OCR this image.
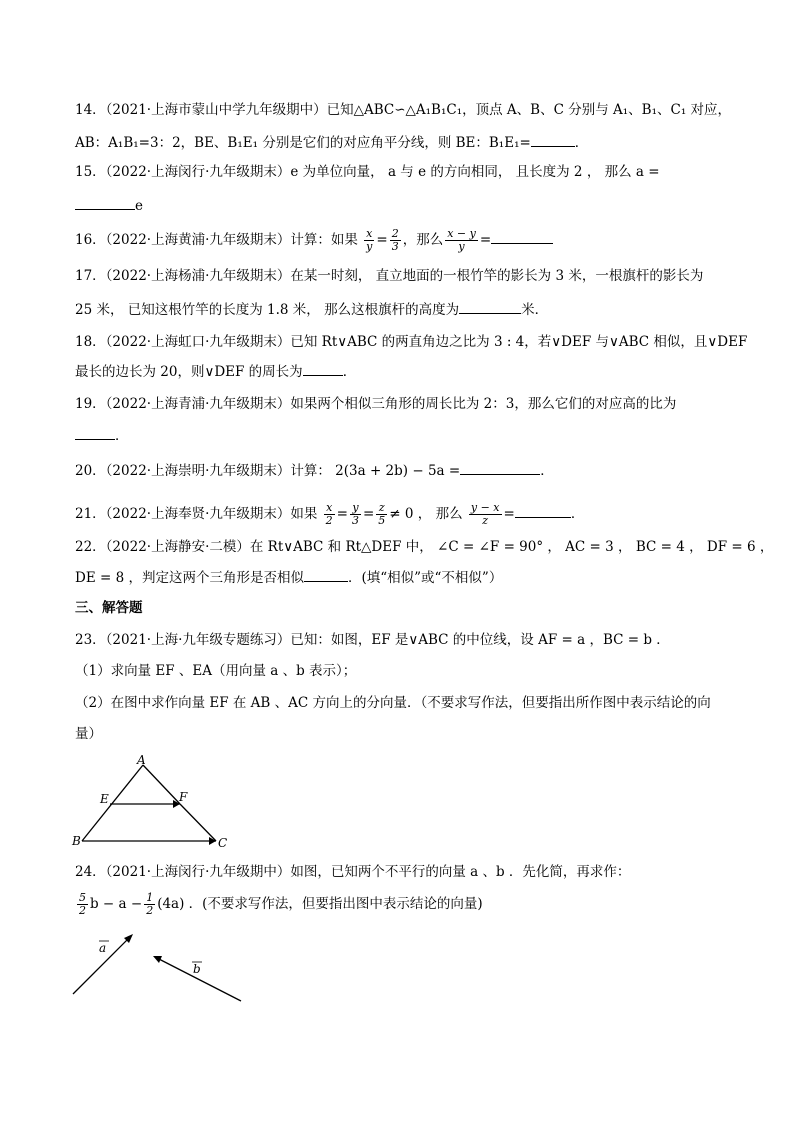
14．（2021·上海市蒙山中学九年级期中）已知△ABC∽△A₁B₁C₁，顶点 A、B、C 分别与 A₁、B₁、C₁ 对应，
AB：A₁B₁=3：2，BE、B₁E₁ 分别是它们的对应角平分线，则 BE：B₁E₁=	．
15．（2022·上海闵行·九年级期末）e 为单位向量， a 与 e 的方向相同， 且长度为 2 ， 那么 a =
e
16．（2022·上海黄浦·九年级期末）计算：如果 $\frac{x}{y} = \frac{2}{3}$ ，那么 $\frac{x - y}{y}$ =
17．（2022·上海杨浦·九年级期末）在某一时刻， 直立地面的一根竹竿的影长为 3 米，一根旗杆的影长为
25 米， 已知这根竹竿的长度为 1.8 米， 那么这根旗杆的高度为	米．
18．（2022·上海虹口·九年级期末）已知 Rt∨ABC 的两直角边之比为 3 : 4，若∨DEF 与∨ABC 相似，且∨DEF
最长的边长为 20，则∨DEF 的周长为	．
19．（2022·上海青浦·九年级期末）如果两个相似三角形的周长比为 2：3，那么它们的对应高的比为
．
20．（2022·上海崇明·九年级期末）计算： 2(3a + 2b) − 5a =	．
21．（2022·上海奉贤·九年级期末）如果 $\frac{x}{2} = \frac{y}{3} = \frac{z}{5} \ne 0$ ， 那么 $\frac{y - x}{z}$ =	．
22．（2022·上海静安·二模）在 Rt∨ABC 和 Rt△DEF 中， ∠C = ∠F = 90° ， AC = 3 ， BC = 4 ， DF = 6 ，
DE = 8 ，判定这两个三角形是否相似	．(填“相似”或“不相似”）
三、解答题
23．（2021·上海·九年级专题练习）已知：如图，EF 是∨ABC 的中位线，设 AF = a ，BC = b ．
（1）求向量 EF 、EA（用向量 a 、b 表示）；
（2）在图中求作向量 EF 在 AB 、AC 方向上的分向量．（不要求写作法，但要指出所作图中表示结论的向
量）
A
E	F
B	C
24．（2021·上海闵行·九年级期中）如图，已知两个不平行的向量 a 、b ．先化简，再求作：
$\frac{5}{2}$ $b - a - \frac{1}{2} (4a)$ ．(不要求写作法，但要指出图中表示结论的向量)
a
b
